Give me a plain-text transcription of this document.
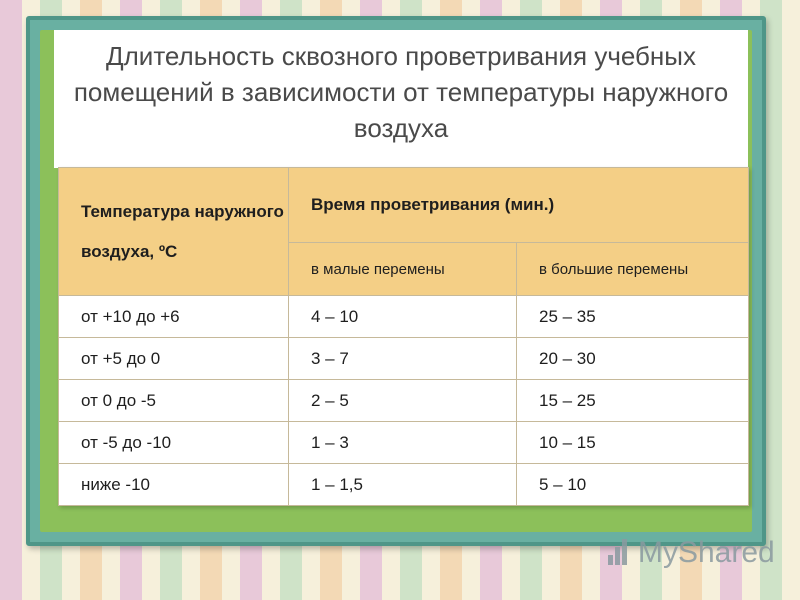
Длительность сквозного проветривания учебных помещений в зависимости от температуры наружного воздуха
Температура наружного воздуха, ºС	Время проветривания (мин.)	
	в малые перемены	в большие перемены
от +10 до +6	4 – 10	25 – 35
от +5 до 0	3 – 7	20 – 30
от 0 до -5	2 – 5	15 – 25
от -5 до -10	1 – 3	10 – 15
ниже -10	1 – 1,5	5 – 10
MyShared
